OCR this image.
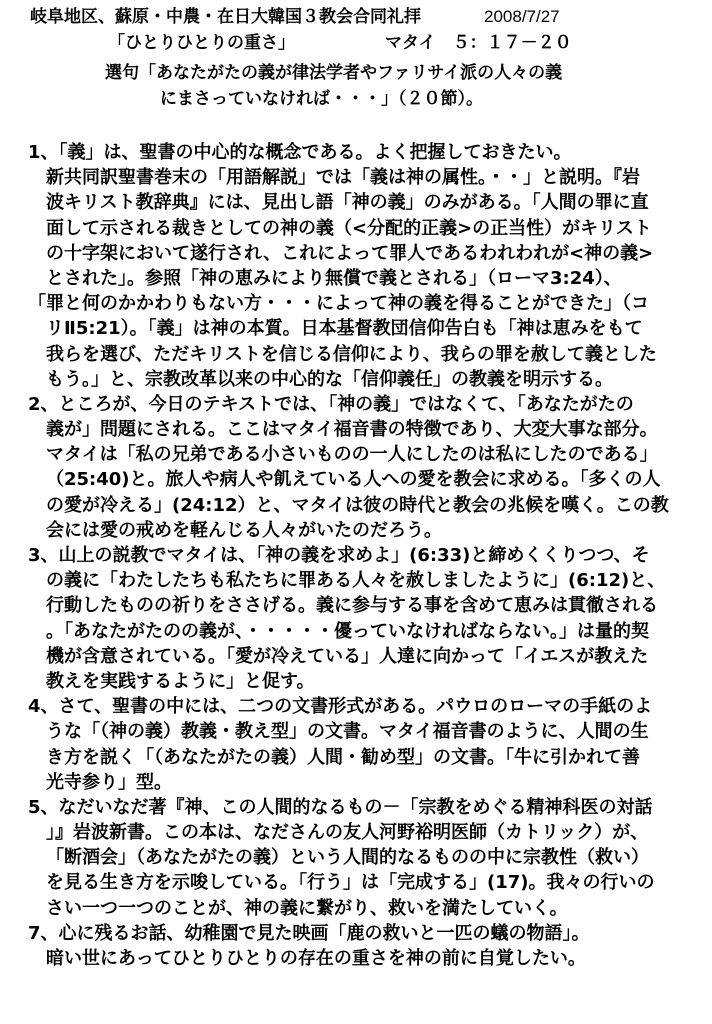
岐阜地区、蘇原・中農・在日大韓国３教会合同礼拝	2008/7/27
「ひとりひとりの重さ」	マタイ　５：１７－２０
選句「あなたがたの義が律法学者やファリサイ派の人々の義
にまさっていなければ・・・」（２０節）。
1、「義」は、聖書の中心的な概念である。よく把握しておきたい。
新共同訳聖書巻末の「用語解説」では「義は神の属性。・・」と説明。『岩
波キリスト教辞典』には、見出し語「神の義」のみがある。「人間の罪に直
面して示される裁きとしての神の義（<分配的正義>の正当性）がキリスト
の十字架において遂行され、これによって罪人であるわれわれが<神の義>
とされた」。参照「神の恵みにより無償で義とされる」（ローマ3:24）、
「罪と何のかかわりもない方・・・によって神の義を得ることができた」（コ
リⅡ5:21）。「義」は神の本質。日本基督教団信仰告白も「神は恵みをもて
我らを選び、ただキリストを信じる信仰により、我らの罪を赦して義とした
もう。」と、宗教改革以来の中心的な「信仰義任」の教義を明示する。
2、ところが、今日のテキストでは、「神の義」ではなくて、「あなたがたの
義が」問題にされる。ここはマタイ福音書の特徴であり、大変大事な部分。
マタイは「私の兄弟である小さいものの一人にしたのは私にしたのである」
（25:40)と。旅人や病人や飢えている人への愛を教会に求める。「多くの人
の愛が冷える」(24:12）と、マタイは彼の時代と教会の兆候を嘆く。この教
会には愛の戒めを軽んじる人々がいたのだろう。
3、山上の説教でマタイは、「神の義を求めよ」(6:33)と締めくくりつつ、そ
の義に「わたしたちも私たちに罪ある人々を赦しましたように」(6:12)と、
行動したものの祈りをささげる。義に参与する事を含めて恵みは貫徹される
。「あなたがたのの義が、・・・・・優っていなければならない。」は量的契
機が含意されている。「愛が冷えている」人達に向かって「イエスが教えた
教えを実践するように」と促す。
4、さて、聖書の中には、二つの文書形式がある。パウロのローマの手紙のよ
うな「（神の義）教義・教え型」の文書。マタイ福音書のように、人間の生
き方を説く「（あなたがたの義）人間・勧め型」の文書。「牛に引かれて善
光寺参り」型。
5、なだいなだ著『神、この人間的なるもの－「宗教をめぐる精神科医の対話
」』岩波新書。この本は、なださんの友人河野裕明医師（カトリック）が、
「断酒会」（あなたがたの義）という人間的なるものの中に宗教性（救い）
を見る生き方を示唆している。「行う」は「完成する」(17)。我々の行いの
さい一つ一つのことが、神の義に繋がり、救いを満たしていく。
7、心に残るお話、幼稚園で見た映画「鹿の救いと一匹の蟻の物語」。
暗い世にあってひとりひとりの存在の重さを神の前に自覚したい。
